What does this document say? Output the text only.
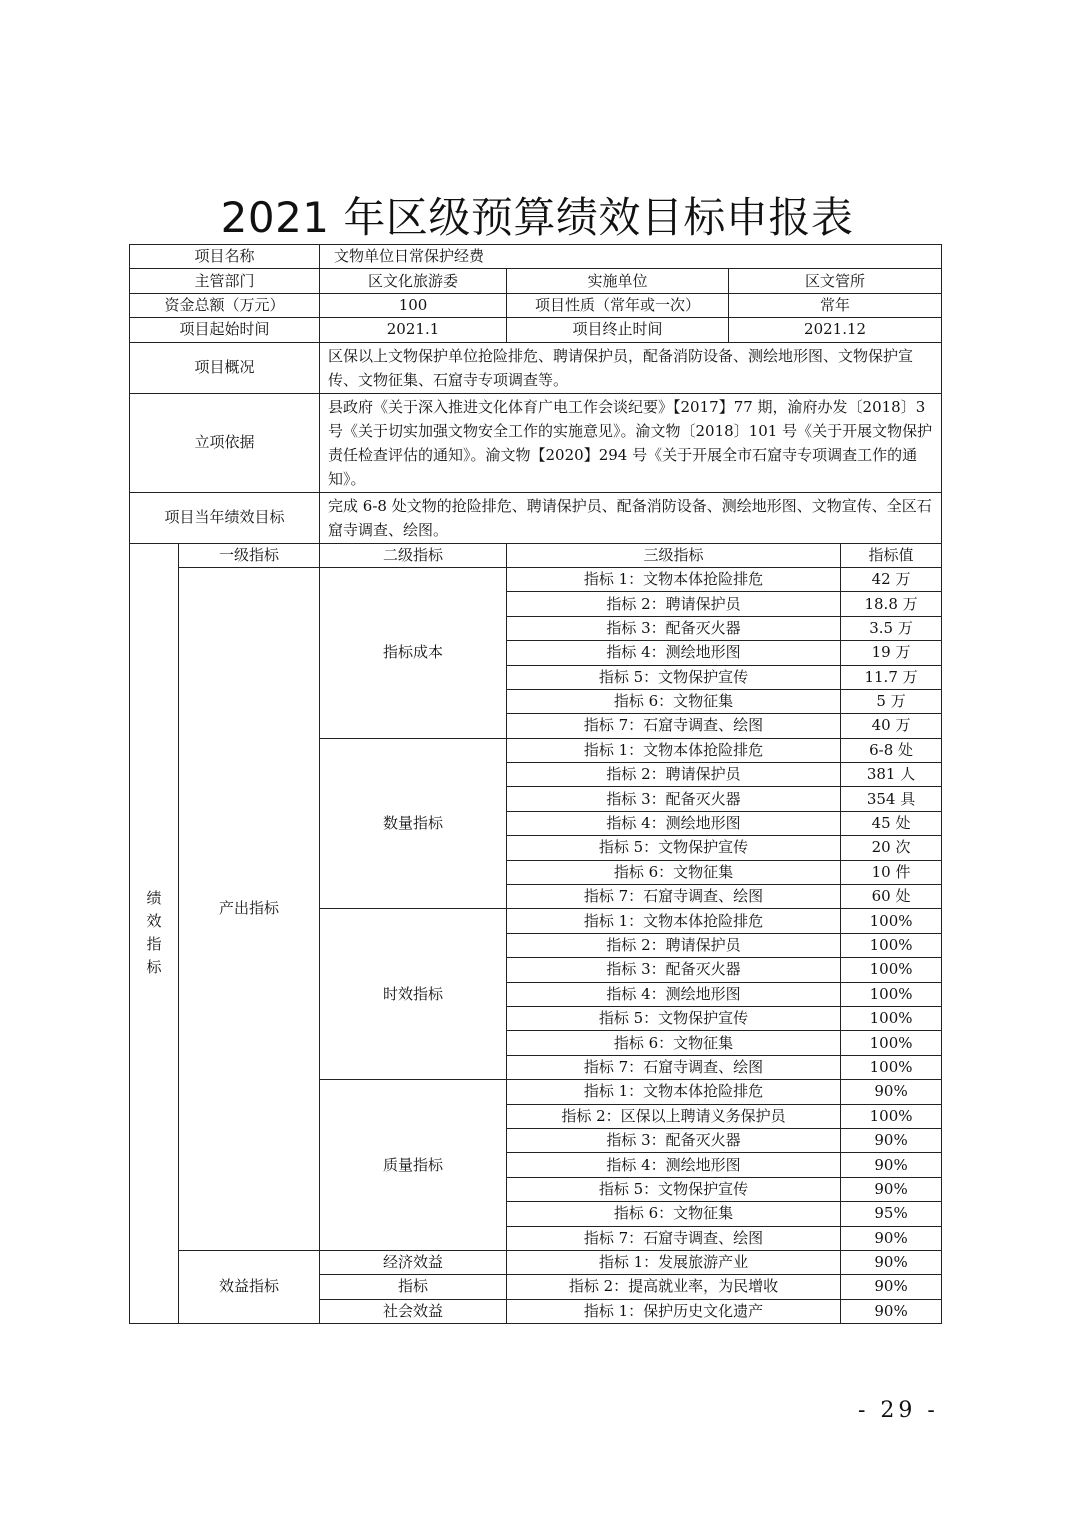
2021 年区级预算绩效目标申报表
项目名称		文物单位日常保护经费			
主管部门		区文化旅游委	实施单位	区文管所	
资金总额（万元）		100	项目性质（常年或一次）	常年	
项目起始时间		2021.1	项目终止时间	2021.12	
项目概况		区保以上文物保护单位抢险排危、聘请保护员，配备消防设备、测绘地形图、文物保护宣传、文物征集、石窟寺专项调查等。			
立项依据		县政府《关于深入推进文化体育广电工作会谈纪要》【2017】77 期，渝府办发〔2018〕3 号《关于切实加强文物安全工作的实施意见》。渝文物〔2018〕101 号《关于开展文物保护责任检查评估的通知》。渝文物【2020】294 号《关于开展全市石窟寺专项调查工作的通知》。			
项目当年绩效目标		完成 6-8 处文物的抢险排危、聘请保护员、配备消防设备、测绘地形图、文物宣传、全区石窟寺调查、绘图。			

绩
效
指
标	一级指标	二级指标	三级指标		指标值
	产出指标	指标成本	指标 1：文物本体抢险排危		42 万
			指标 2：聘请保护员		18.8 万
			指标 3：配备灭火器		3.5 万
			指标 4：测绘地形图		19 万
			指标 5：文物保护宣传		11.7 万
			指标 6：文物征集		5 万
			指标 7：石窟寺调查、绘图		40 万
		数量指标	指标 1：文物本体抢险排危		6-8 处
			指标 2：聘请保护员		381 人
			指标 3：配备灭火器		354 具
			指标 4：测绘地形图		45 处
			指标 5：文物保护宣传		20 次
			指标 6：文物征集		10 件
			指标 7：石窟寺调查、绘图		60 处
		时效指标	指标 1：文物本体抢险排危		100%
			指标 2：聘请保护员		100%
			指标 3：配备灭火器		100%
			指标 4：测绘地形图		100%
			指标 5：文物保护宣传		100%
			指标 6：文物征集		100%
			指标 7：石窟寺调查、绘图		100%
		质量指标	指标 1：文物本体抢险排危		90%
			指标 2：区保以上聘请义务保护员		100%
			指标 3：配备灭火器		90%
			指标 4：测绘地形图		90%
			指标 5：文物保护宣传		90%
			指标 6：文物征集		95%
			指标 7：石窟寺调查、绘图		90%
	效益指标	经济效益	指标 1：发展旅游产业		90%
		指标	指标 2：提高就业率，为民增收		90%
		社会效益	指标 1：保护历史文化遗产		90%
- 29 -
